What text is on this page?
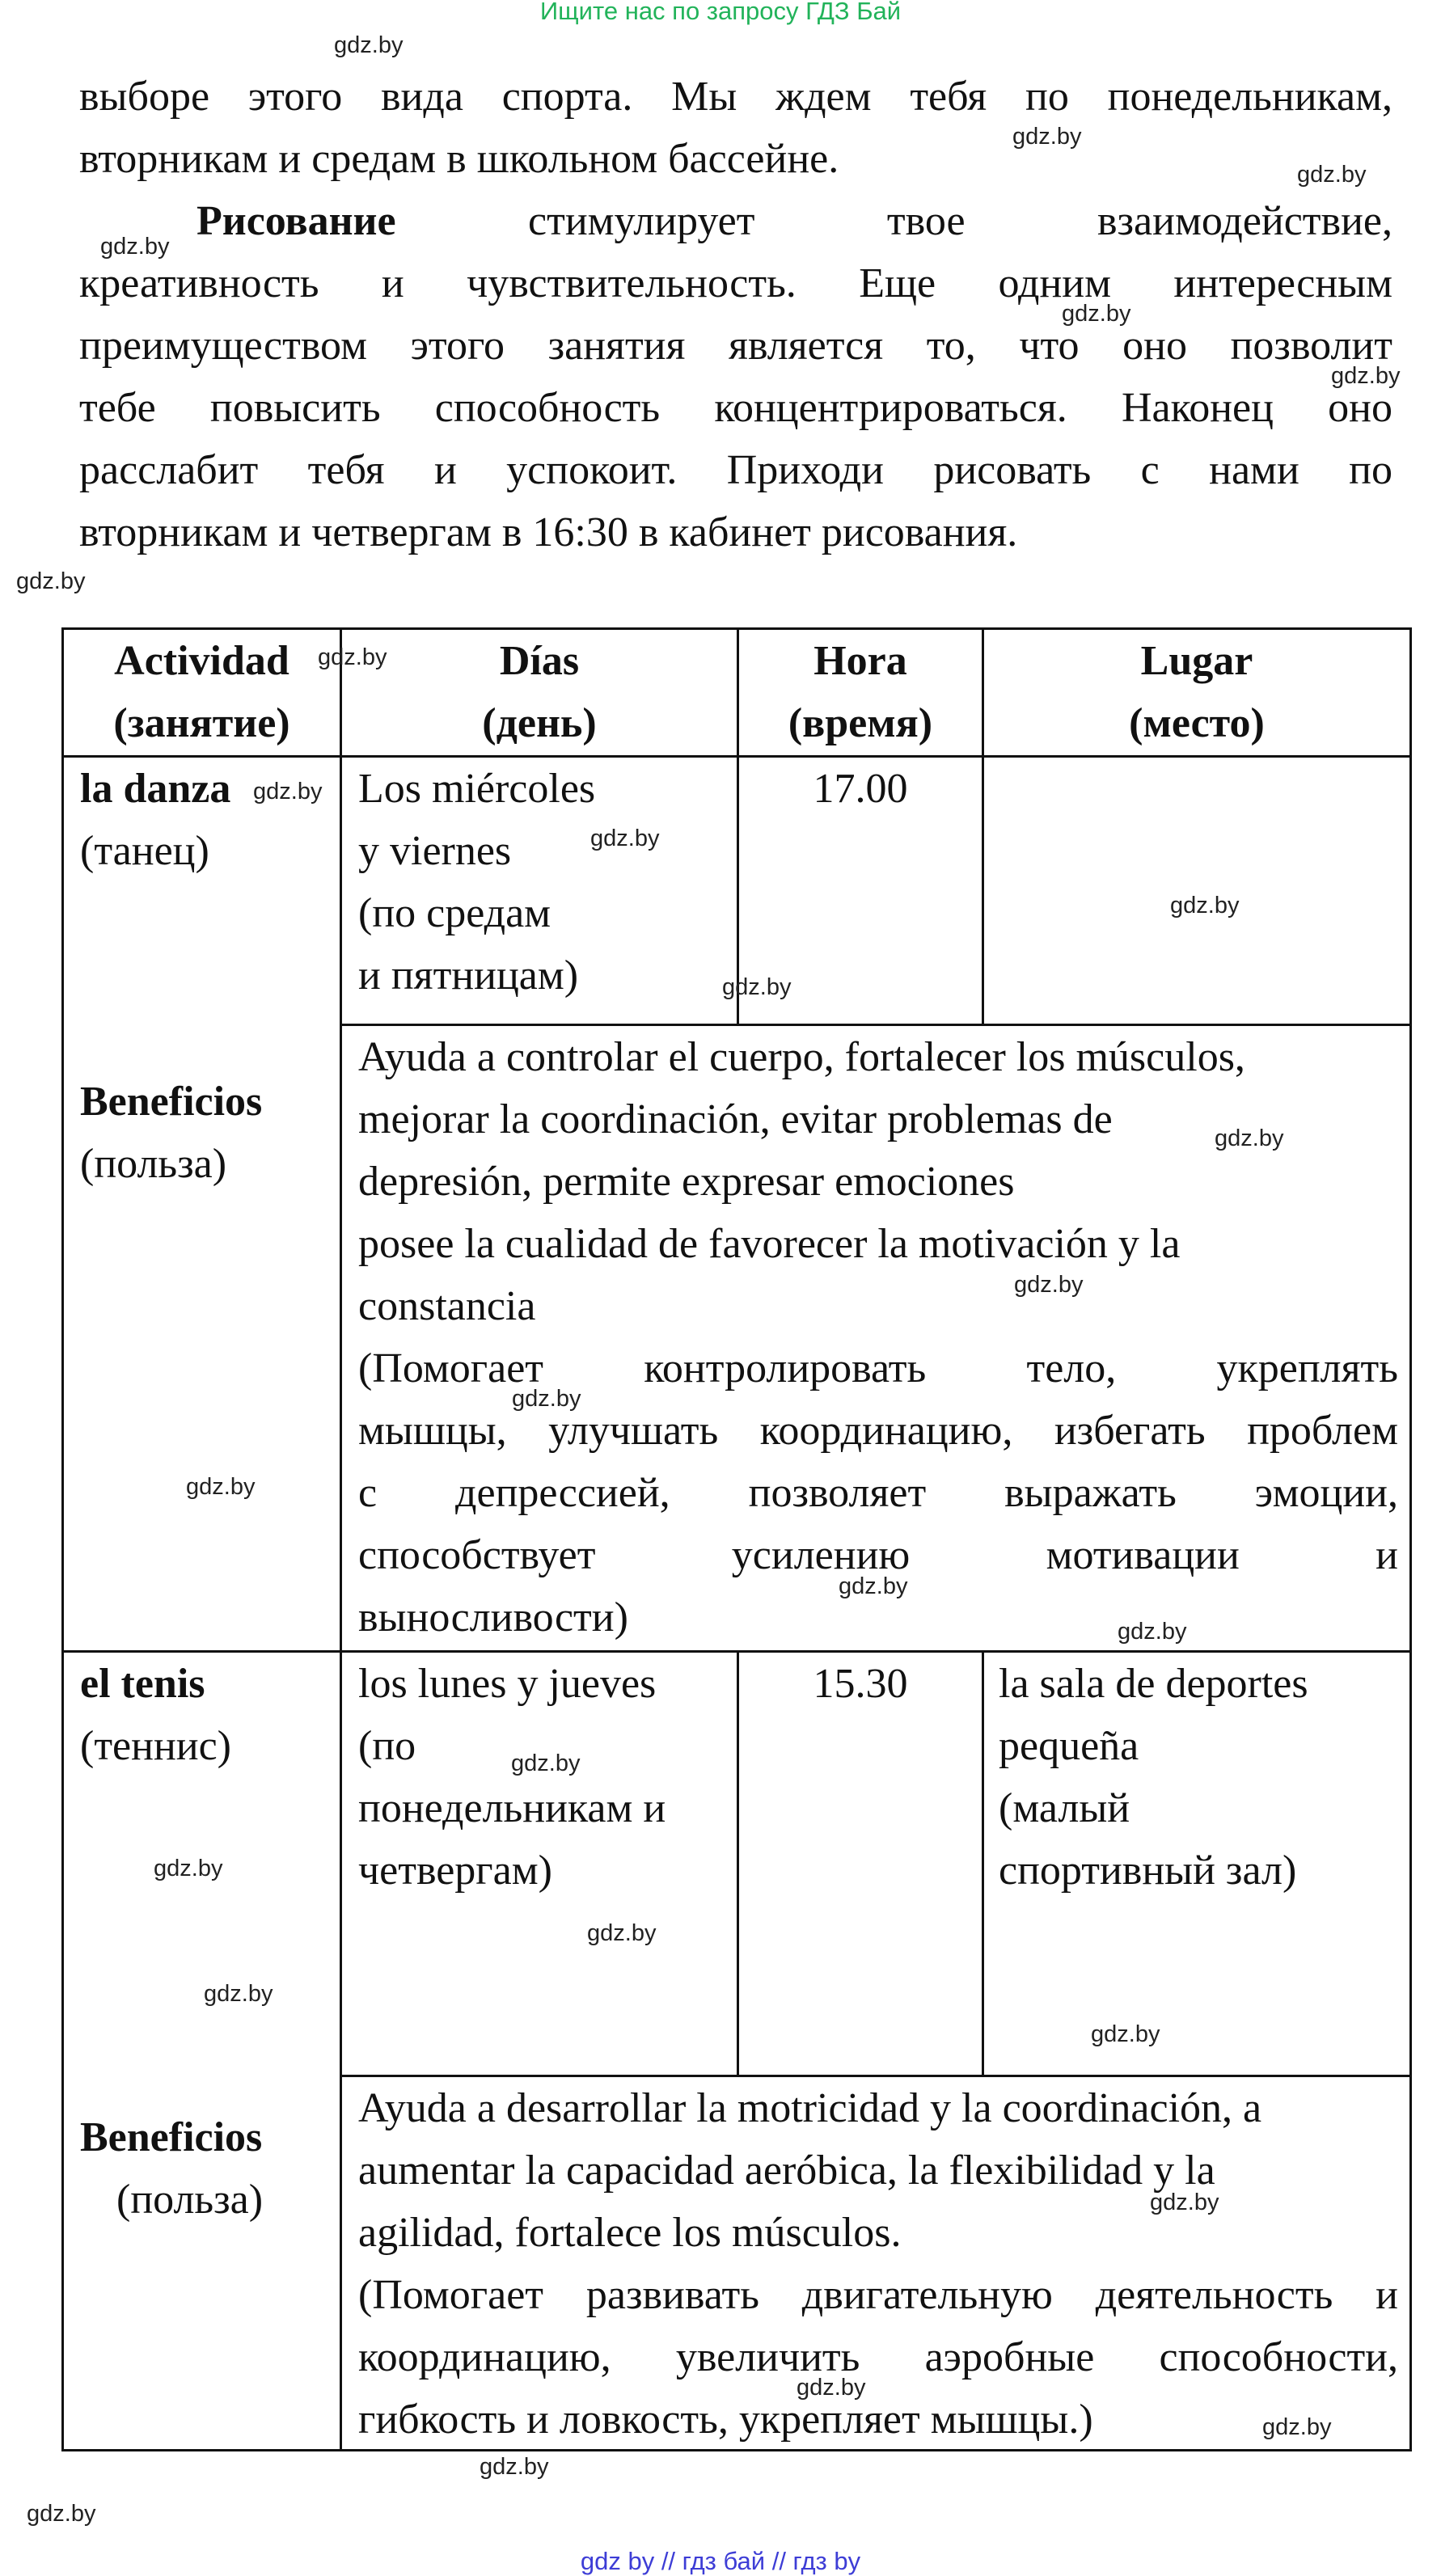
Ищите нас по запросу ГДЗ Бай
выборе этого вида спорта. Мы ждем тебя по понедельникам,
вторникам и средам в школьном бассейне.
Рисование	стимулирует твое взаимодействие,
креативность и чувствительность. Еще одним интересным
преимуществом этого занятия является то, что оно позволит
тебе повысить способность концентрироваться. Наконец оно
расслабит тебя и успокоит. Приходи рисовать с нами по
вторникам и четвергам в 16:30 в кабинет рисования.
Actividad
(занятие)
Días
(день)
Hora
(время)
Lugar
(место)
la danza
(танец)
Los miércoles
y viernes
(по средам
и пятницам)
17.00
Beneficios
(польза)
Ayuda a controlar el cuerpo, fortalecer los músculos,
mejorar la coordinación, evitar problemas de
depresión, permite expresar emociones
posee la cualidad de favorecer la motivación y la
constancia
(Помогает контролировать тело, укреплять
мышцы, улучшать координацию, избегать проблем
с депрессией, позволяет выражать эмоции,
способствует усилению мотивации и
выносливости)
el tenis
(теннис)
los lunes y jueves
(по
понедельникам и
четвергам)
15.30	la sala de deportes
pequeña
(малый
спортивный зал)
Beneficios
(польза)
Ayuda a desarrollar la motricidad y la coordinación, a
aumentar la capacidad aeróbica, la flexibilidad y la
agilidad, fortalece los músculos.
(Помогает развивать двигательную деятельность и
координацию, увеличить аэробные способности,
гибкость и ловкость, укрепляет мышцы.)
gdz.by
gdz.by
gdz.by
gdz.by
gdz.by
gdz.by
gdz.by
gdz.by
gdz.by
gdz.by
gdz.by
gdz.by
gdz.by
gdz.by
gdz.by
gdz.by
gdz.by
gdz.by
gdz.by
gdz.by
gdz.by
gdz.by
gdz.by
gdz.by
gdz.by
gdz.by
gdz.by
gdz.by
gdz by // гдз бай // гдз by
